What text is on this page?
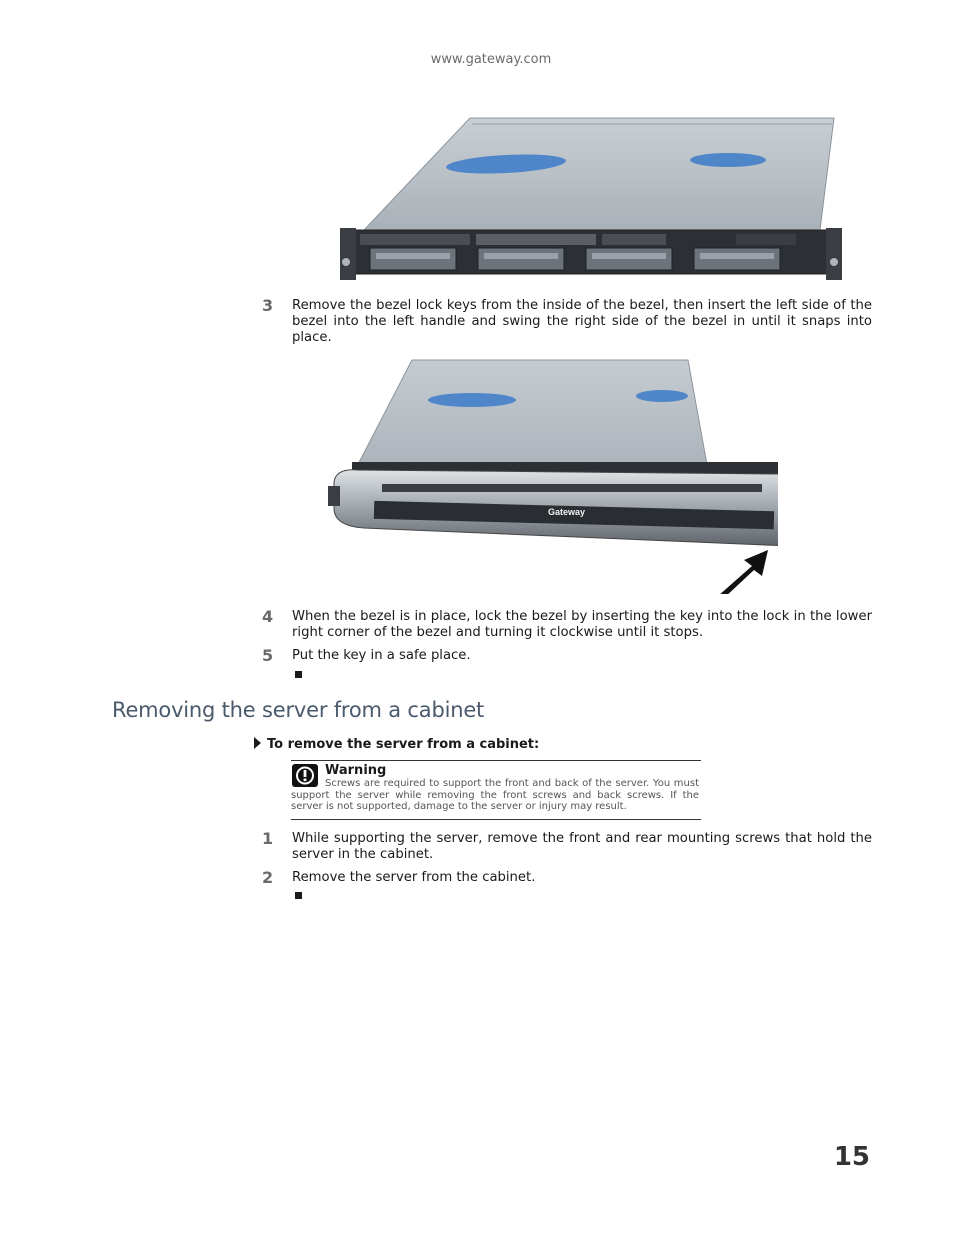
www.gateway.com
3 Remove the bezel lock keys from the inside of the bezel, then insert the left side of the bezel into the left handle and swing the right side of the bezel in until it snaps into place.
Gateway
4 When the bezel is in place, lock the bezel by inserting the key into the lock in the lower right corner of the bezel and turning it clockwise until it stops.
5 Put the key in a safe place.
Removing the server from a cabinet
To remove the server from a cabinet:
Warning
Screws are required to support the front and back of the server. You must support the server while removing the front screws and back screws. If the server is not supported, damage to the server or injury may result.
1 While supporting the server, remove the front and rear mounting screws that hold the server in the cabinet.
2 Remove the server from the cabinet.
15
